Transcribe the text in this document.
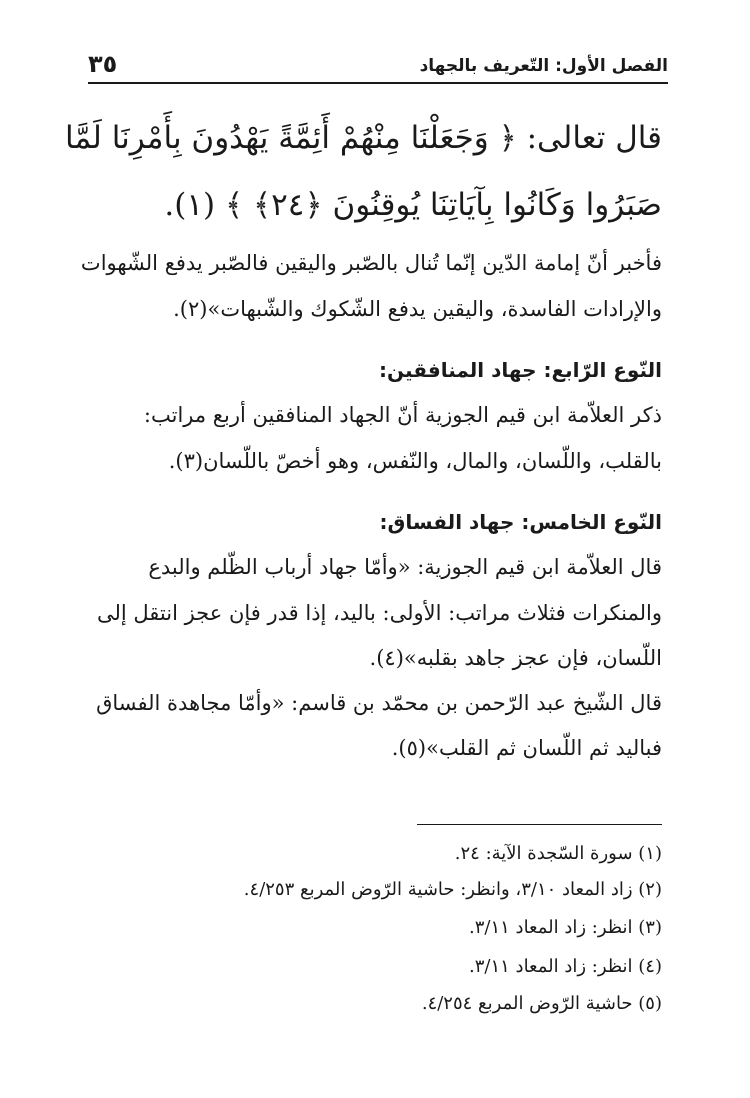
الفصل الأول: التّعريف بالجهاد
٣٥
قال تعالى: ﴿ وَجَعَلْنَا مِنْهُمْ أَئِمَّةً يَهْدُونَ بِأَمْرِنَا لَمَّا
صَبَرُوا وَكَانُوا بِآيَاتِنَا يُوقِنُونَ ﴿٢٤﴾ ﴾ (١).
فأخبر أنّ إمامة الدّين إنّما تُنال بالصّبر واليقين فالصّبر يدفع الشّهوات
والإرادات الفاسدة، واليقين يدفع الشّكوك والشّبهات»(٢).
النّوع الرّابع: جهاد المنافقين:
ذكر العلاّمة ابن قيم الجوزية أنّ الجهاد المنافقين أربع مراتب:
بالقلب، واللّسان، والمال، والنّفس، وهو أخصّ باللّسان(٣).
النّوع الخامس: جهاد الفساق:
قال العلاّمة ابن قيم الجوزية: «وأمّا جهاد أرباب الظّلم والبدع
والمنكرات فثلاث مراتب: الأولى: باليد، إذا قدر فإن عجز انتقل إلى
اللّسان، فإن عجز جاهد بقلبه»(٤).
قال الشّيخ عبد الرّحمن بن محمّد بن قاسم: «وأمّا مجاهدة الفساق
فباليد ثم اللّسان ثم القلب»(٥).
(١) سورة السّجدة الآية: ٢٤.
(٢) زاد المعاد ٣/١٠، وانظر: حاشية الرّوض المربع ٤/٢٥٣.
(٣) انظر: زاد المعاد ٣/١١.
(٤) انظر: زاد المعاد ٣/١١.
(٥) حاشية الرّوض المربع ٤/٢٥٤.
